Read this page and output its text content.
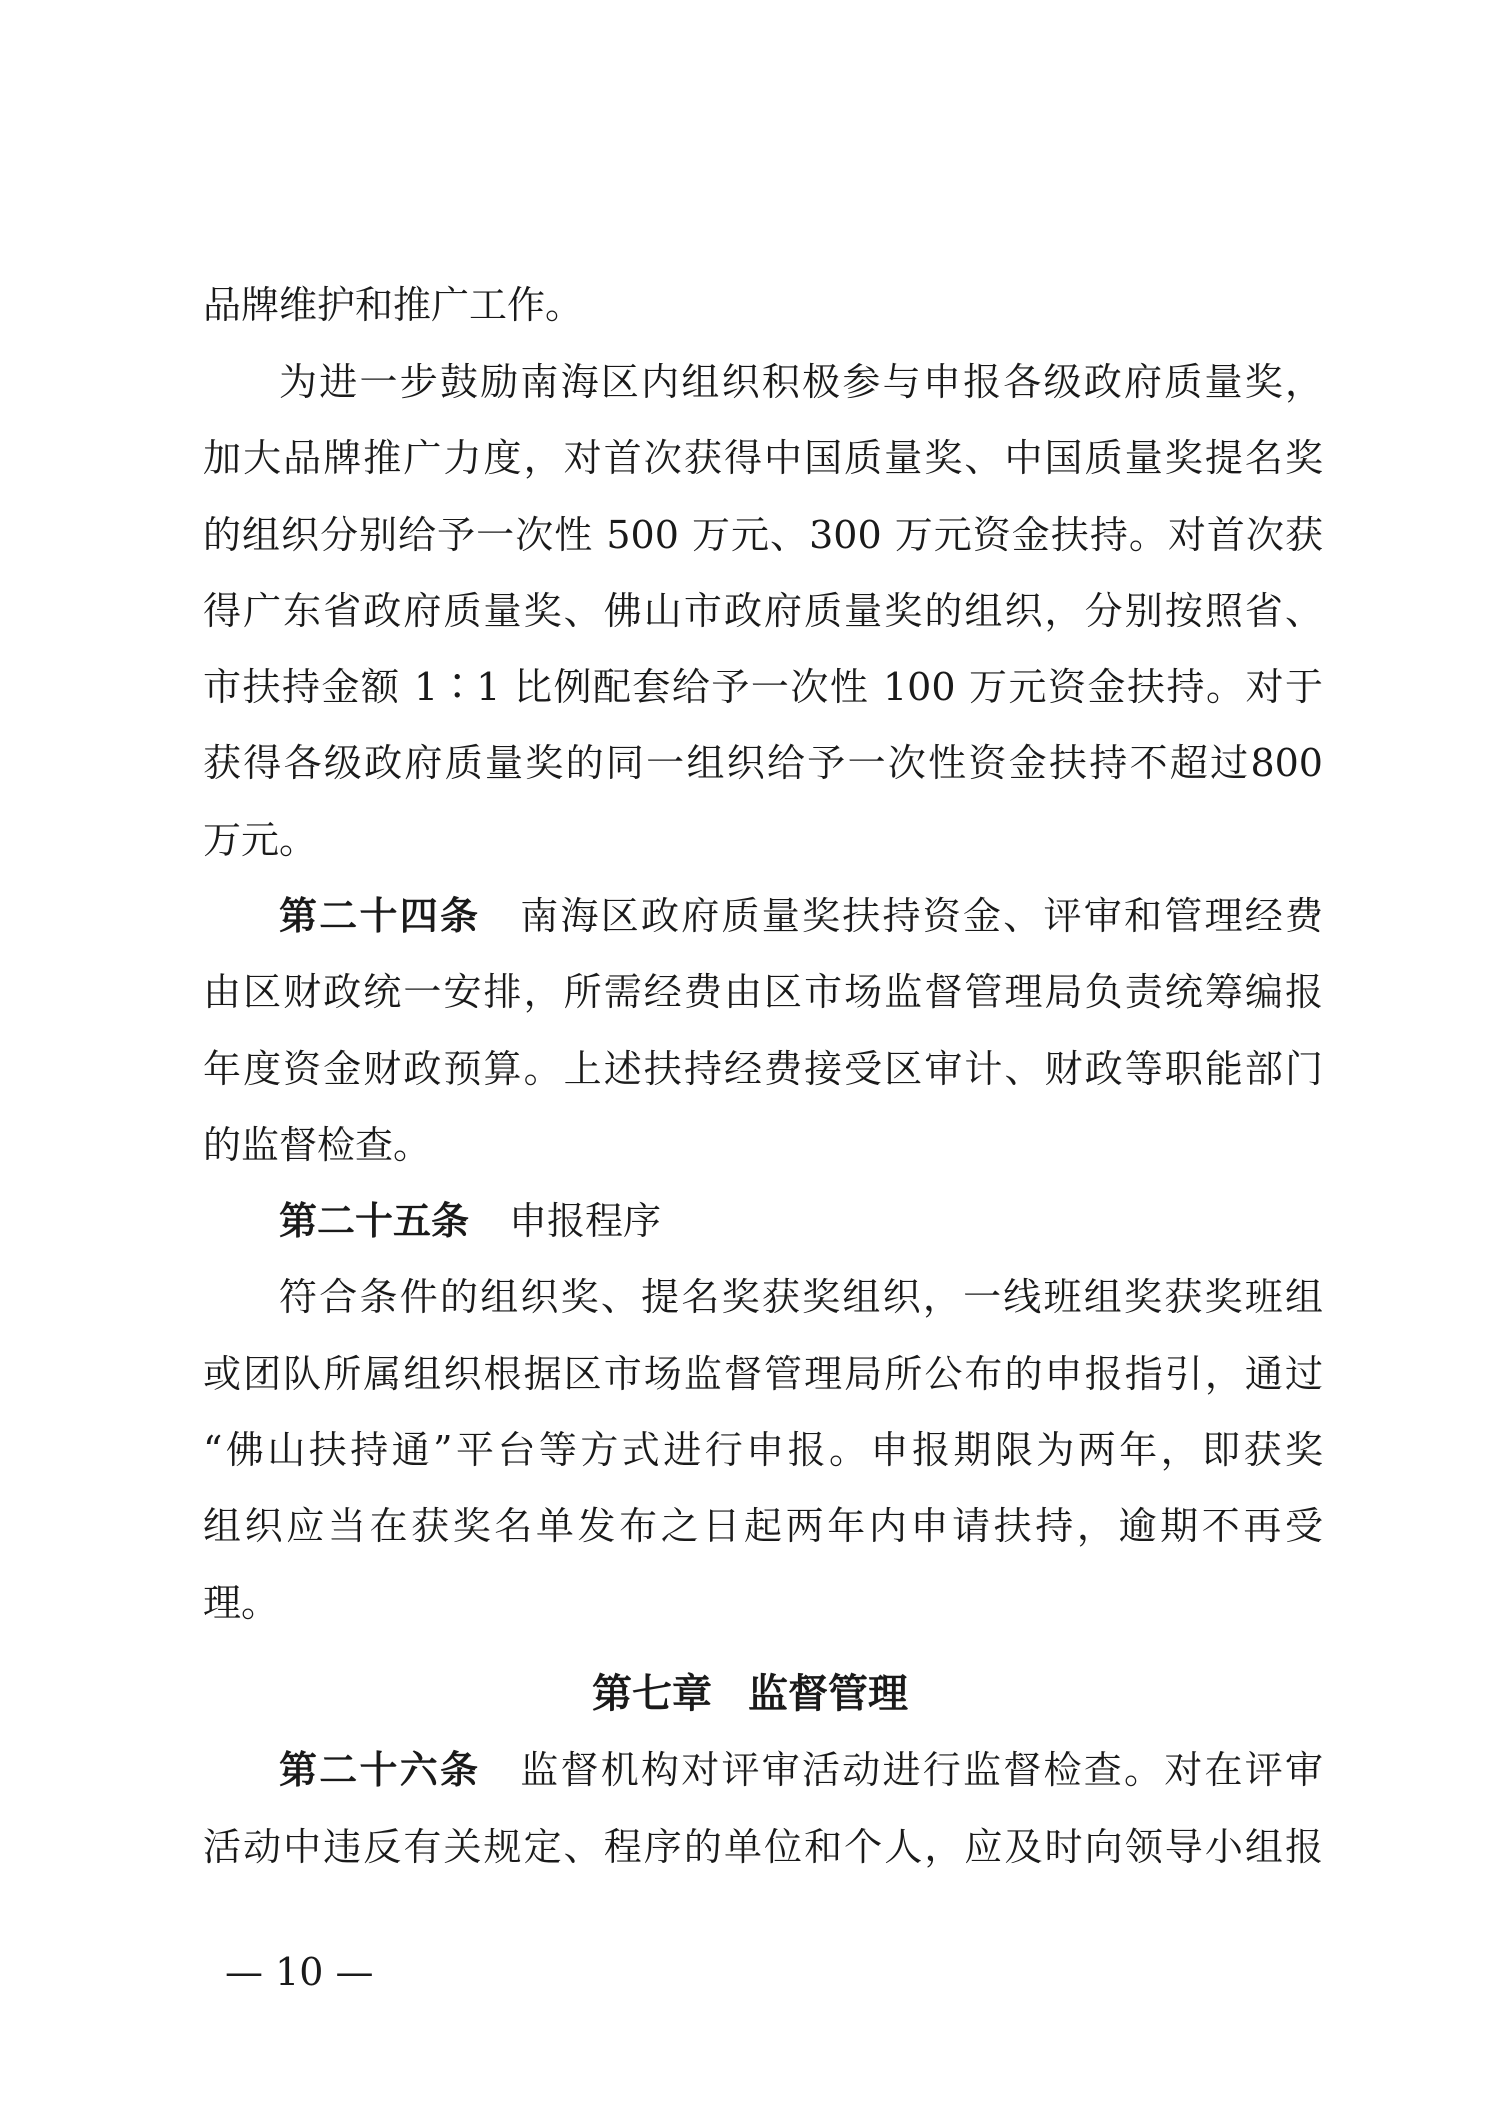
品牌维护和推广工作。
为进一步鼓励南海区内组织积极参与申报各级政府质量奖，
加大品牌推广力度，对首次获得中国质量奖、中国质量奖提名奖
的组织分别给予一次性 500 万元、300 万元资金扶持。对首次获
得广东省政府质量奖、佛山市政府质量奖的组织，分别按照省、
市扶持金额 1∶1 比例配套给予一次性 100 万元资金扶持。对于
获得各级政府质量奖的同一组织给予一次性资金扶持不超过800
万元。
第二十四条 南海区政府质量奖扶持资金、评审和管理经费
由区财政统一安排，所需经费由区市场监督管理局负责统筹编报
年度资金财政预算。上述扶持经费接受区审计、财政等职能部门
的监督检查。
第二十五条 申报程序
符合条件的组织奖、提名奖获奖组织，一线班组奖获奖班组
或团队所属组织根据区市场监督管理局所公布的申报指引，通过
“佛山扶持通”平台等方式进行申报。申报期限为两年，即获奖
组织应当在获奖名单发布之日起两年内申请扶持，逾期不再受
理。
第七章 监督管理
第二十六条 监督机构对评审活动进行监督检查。对在评审
活动中违反有关规定、程序的单位和个人，应及时向领导小组报
— 10 —
